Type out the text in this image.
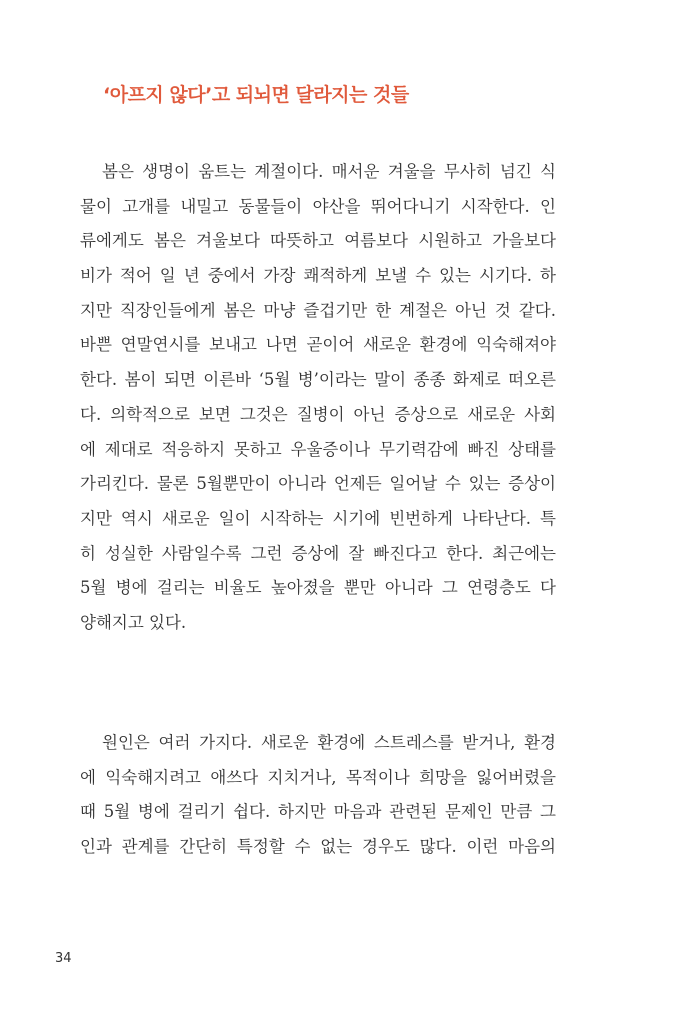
‘아프지 않다’고 되뇌면 달라지는 것들
봄은 생명이 움트는 계절이다. 매서운 겨울을 무사히 넘긴 식
물이 고개를 내밀고 동물들이 야산을 뛰어다니기 시작한다. 인
류에게도 봄은 겨울보다 따뜻하고 여름보다 시원하고 가을보다
비가 적어 일 년 중에서 가장 쾌적하게 보낼 수 있는 시기다. 하
지만 직장인들에게 봄은 마냥 즐겁기만 한 계절은 아닌 것 같다.
바쁜 연말연시를 보내고 나면 곧이어 새로운 환경에 익숙해져야
한다. 봄이 되면 이른바 ‘5월 병’이라는 말이 종종 화제로 떠오른
다. 의학적으로 보면 그것은 질병이 아닌 증상으로 새로운 사회
에 제대로 적응하지 못하고 우울증이나 무기력감에 빠진 상태를
가리킨다. 물론 5월뿐만이 아니라 언제든 일어날 수 있는 증상이
지만 역시 새로운 일이 시작하는 시기에 빈번하게 나타난다. 특
히 성실한 사람일수록 그런 증상에 잘 빠진다고 한다. 최근에는
5월 병에 걸리는 비율도 높아졌을 뿐만 아니라 그 연령층도 다
양해지고 있다.
원인은 여러 가지다. 새로운 환경에 스트레스를 받거나, 환경
에 익숙해지려고 애쓰다 지치거나, 목적이나 희망을 잃어버렸을
때 5월 병에 걸리기 쉽다. 하지만 마음과 관련된 문제인 만큼 그
인과 관계를 간단히 특정할 수 없는 경우도 많다. 이런 마음의
34
